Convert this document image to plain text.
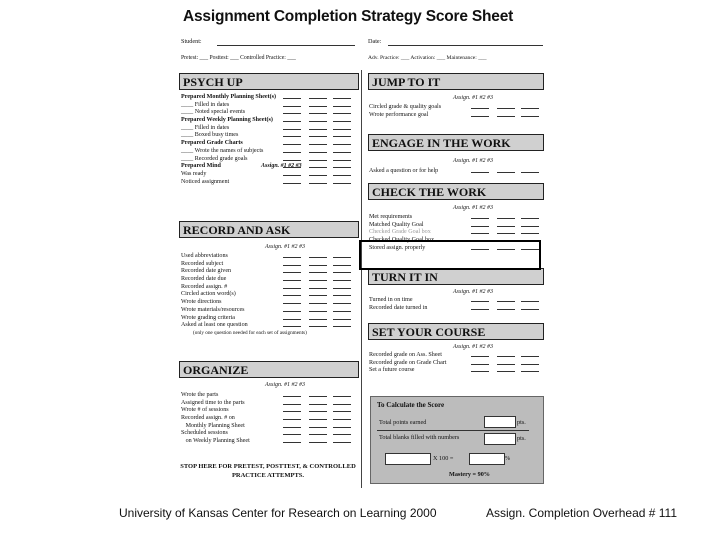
Assignment Completion Strategy Score Sheet
Student:	Date:
Pretest: ___ Posttest: ___ Controlled Practice: ___	Adv. Practice: ___ Activation: ___ Maintenance: ___
PSYCH UP
Prepared Monthly Planning Sheet(s)
____ Filled in dates
____ Noted special events
Prepared Weekly Planning Sheet(s)
____ Filled in dates
____ Boxed busy times
Prepared Grade Charts
____ Wrote the names of subjects
____ Recorded grade goals
Prepared Mind	Assign. #1 #2 #3
Was ready
Noticed assignment
RECORD AND ASK
Assign. #1 #2 #3
Used abbreviations
Recorded subject
Recorded date given
Recorded date due
Recorded assign. #
Circled action word(s)
Wrote directions
Wrote materials/resources
Wrote grading criteria
Asked at least one question
(only one question needed for each set of assignments)
ORGANIZE
Assign. #1 #2 #3
Wrote the parts
Assigned time to the parts
Wrote # of sessions
Recorded assign. # on
Monthly Planning Sheet
Scheduled sessions
on Weekly Planning Sheet
STOP HERE FOR PRETEST, POSTTEST, & CONTROLLED PRACTICE ATTEMPTS.
JUMP TO IT
Assign. #1 #2 #3
Circled grade & quality goals
Wrote performance goal
ENGAGE IN THE WORK
Assign. #1 #2 #3
Asked a question or for help
CHECK THE WORK
Assign. #1 #2 #3
Met requirements
Matched Quality Goal
Checked Grade Goal box
Checked Quality Goal box
Stored assign. properly
TURN IT IN
Assign. #1 #2 #3
Turned in on time
Recorded date turned in
SET YOUR COURSE
Assign. #1 #2 #3
Recorded grade on Ass. Sheet
Recorded grade on Grade Chart
Set a future course
To Calculate the Score
Total points earned	pts.
Total blanks filled with numbers	pts.
X 100 =	%
Mastery = 90%
University of Kansas Center for Research on Learning 2000	Assign. Completion Overhead # 111
